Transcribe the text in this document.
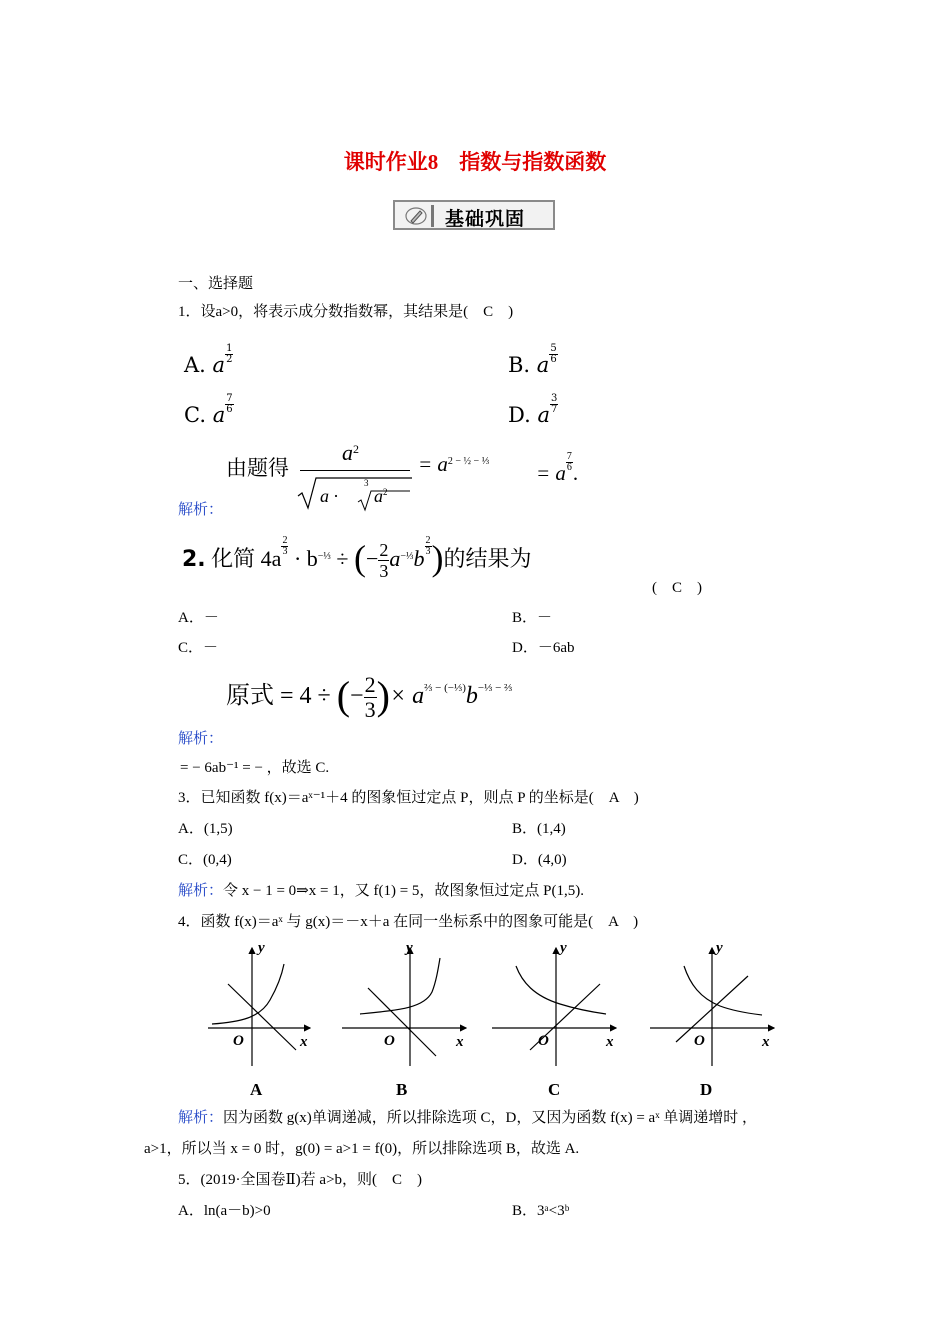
课时作业8　指数与指数函数
基础巩固
一、选择题
1．设a>0，将表示成分数指数幂，其结果是(　C　)
A. a $\frac{1}{2}$	B. a $\frac{5}{6}$
C. a $\frac{7}{6}$	D. a $\frac{3}{7}$
由题得
$a^2$
a ·
3
$a^2$
= $a^{2 - \frac{1}{2} - \frac{1}{3}} = a \frac{7}{6}$ .
解析：
2. 化简 $4a \frac{2}{3} \cdot b^{-\frac{1}{3}}$ ÷ (− $\frac{2}{3} a^{-\frac{1}{3}}b \frac{2}{3}$ )的结果为
(　C　)
A．－	B．－
C．－	D．－6ab
原式 = 4 ÷ (− $\frac{2}{3}$ )× $a^{\frac{2}{3} - (-\frac{1}{3})}b^{-\frac{1}{3} - \frac{2}{3}}$
解析：
= − 6ab⁻¹ = − ，故选 C.
3．已知函数 f(x)＝aˣ⁻¹＋4 的图象恒过定点 P，则点 P 的坐标是(　A　)
A．(1,5)	B．(1,4)
C．(0,4)	D．(4,0)
解析：令 x − 1 = 0⇒x = 1，又 f(1) = 5，故图象恒过定点 P(1,5).
4．函数 f(x)＝aˣ 与 g(x)＝－x＋a 在同一坐标系中的图象可能是(　A　)
y
x
O
y
x
O
y
x
O
y
x
O
A	B	C	D
解析：因为函数 g(x)单调递减，所以排除选项 C，D，又因为函数 f(x) = aˣ 单调递增时 ，
a>1，所以当 x = 0 时，g(0) = a>1 = f(0)，所以排除选项 B，故选 A.
5．(2019·全国卷Ⅱ)若 a>b，则(　C　)
A．ln(a－b)>0	B．3ᵃ<3ᵇ
